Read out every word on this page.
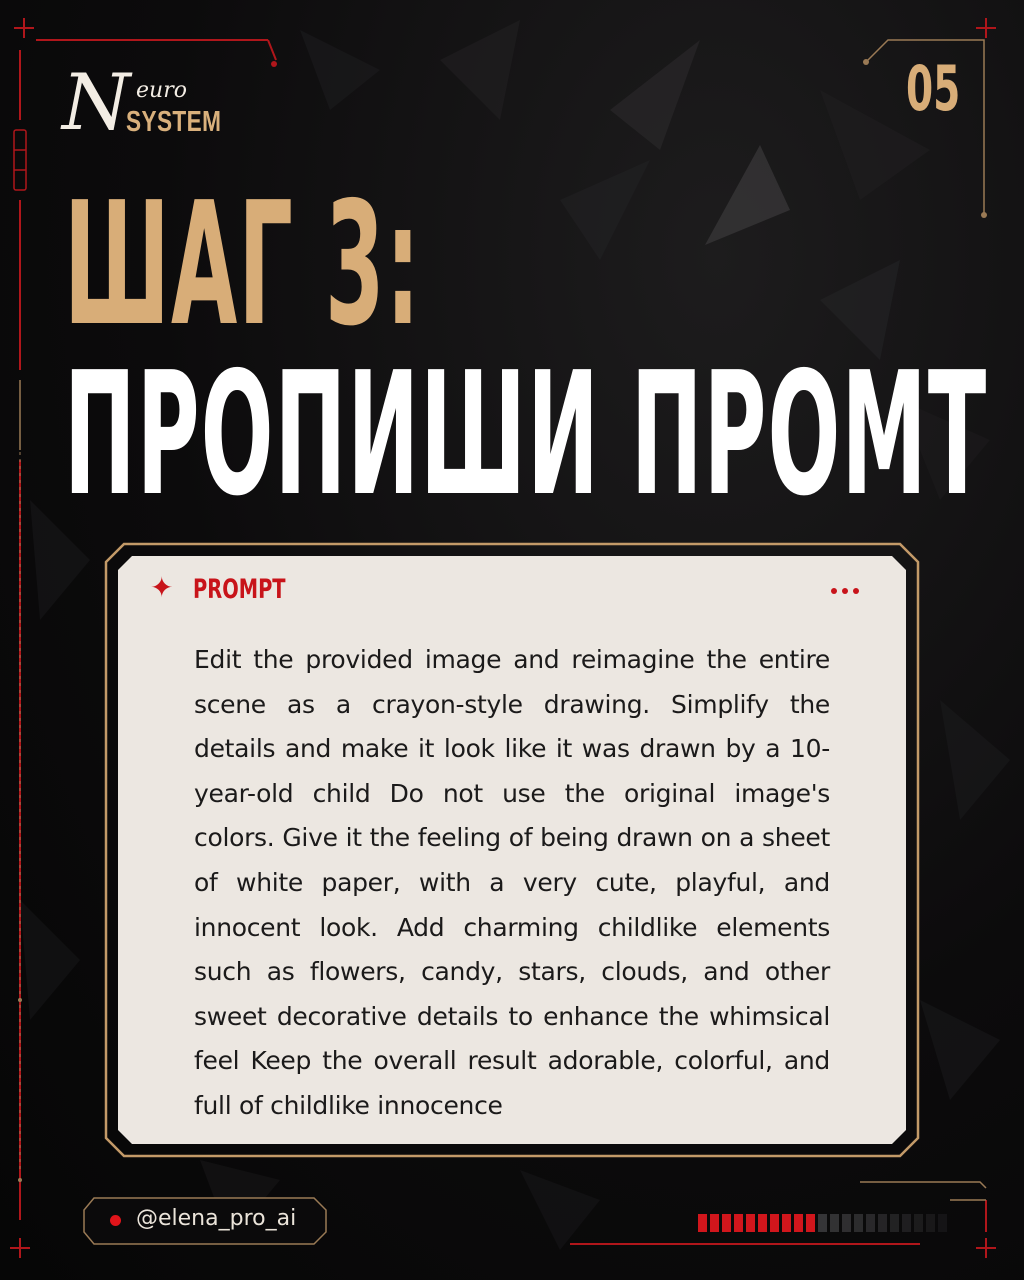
N euro
SYSTEM	05
ШАГ 3:
ПРОПИШИ ПРОМТ
✦ PROMPT
Edit the provided image and reimagine the entire scene as a crayon-style drawing. Simplify the details and make it look like it was drawn by a 10-year-old child Do not use the original image's colors. Give it the feeling of being drawn on a sheet of white paper, with a very cute, playful, and innocent look. Add charming childlike elements such as flowers, candy, stars, clouds, and other sweet decorative details to enhance the whimsical feel Keep the overall result adorable, colorful, and full of childlike innocence
@elena_pro_ai
